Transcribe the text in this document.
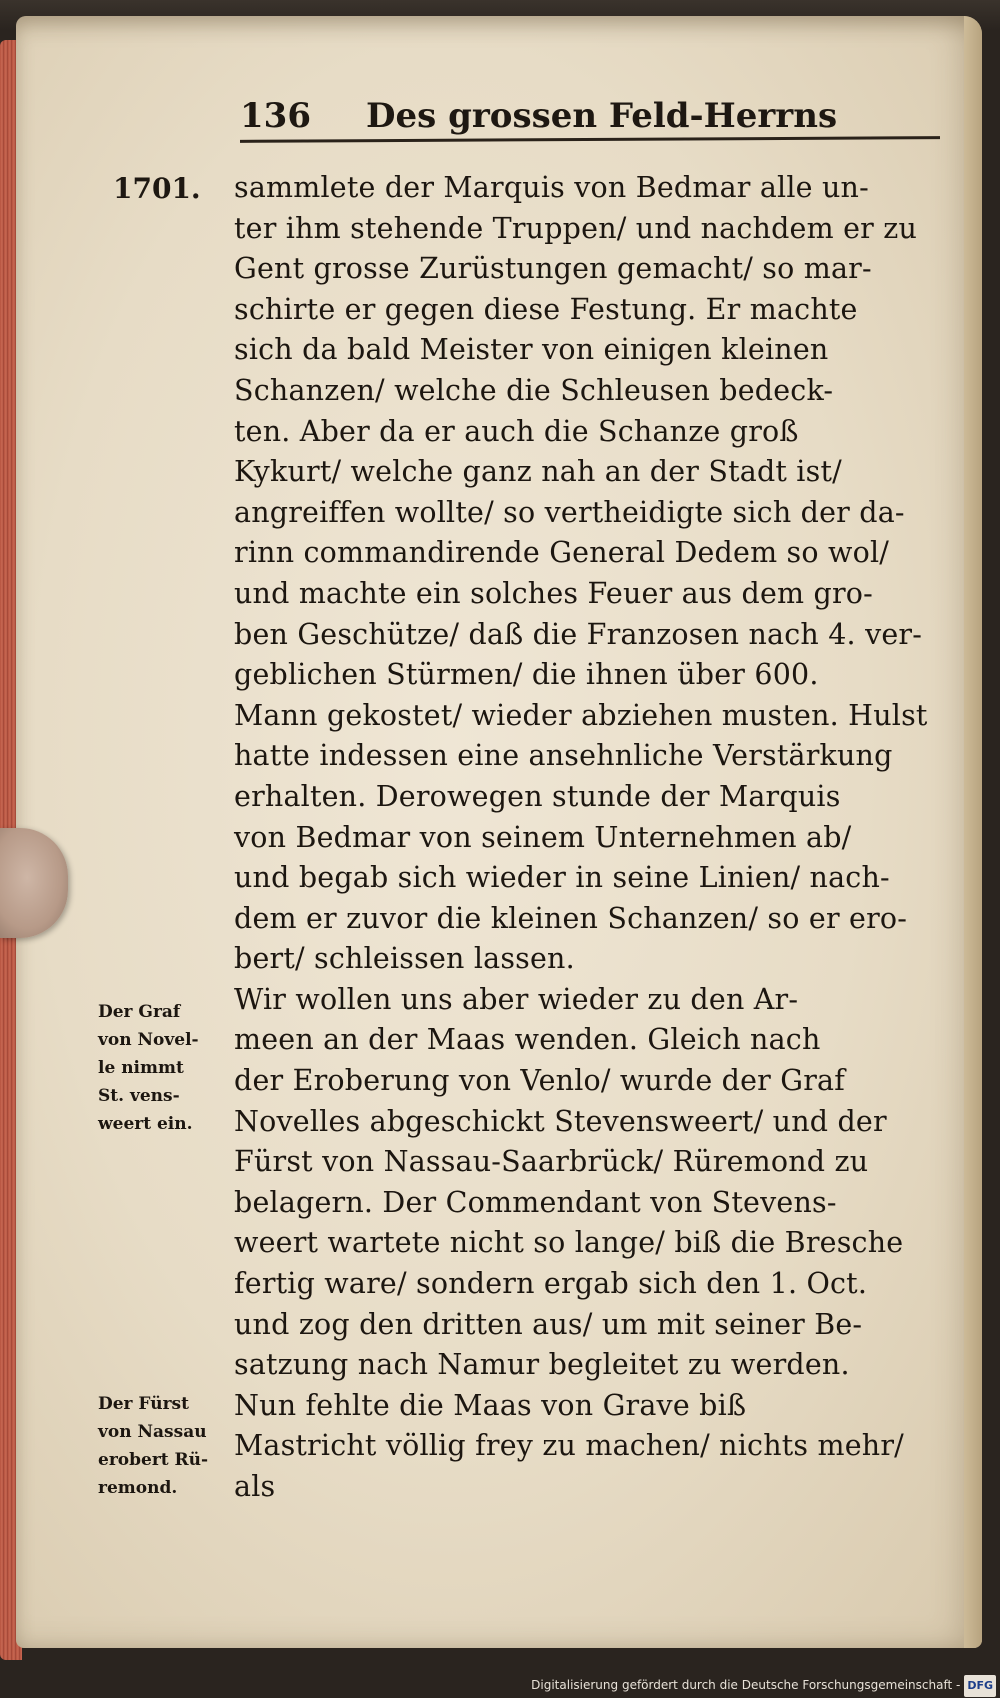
136 Des grossen Feld-Herrns
1701. sammlete der Marquis von Bedmar alle un-
ter ihm stehende Truppen/ und nachdem er zu
Gent grosse Zurüstungen gemacht/ so mar-
schirte er gegen diese Festung. Er machte
sich da bald Meister von einigen kleinen
Schanzen/ welche die Schleusen bedeck-
ten. Aber da er auch die Schanze groß
Kykurt/ welche ganz nah an der Stadt ist/
angreiffen wollte/ so vertheidigte sich der da-
rinn commandirende General Dedem so wol/
und machte ein solches Feuer aus dem gro-
ben Geschütze/ daß die Franzosen nach 4. ver-
geblichen Stürmen/ die ihnen über 600.
Mann gekostet/ wieder abziehen musten. Hulst
hatte indessen eine ansehnliche Verstärkung
erhalten. Derowegen stunde der Marquis
von Bedmar von seinem Unternehmen ab/
und begab sich wieder in seine Linien/ nach-
dem er zuvor die kleinen Schanzen/ so er ero-
bert/ schleissen lassen.
Wir wollen uns aber wieder zu den Ar-
meen an der Maas wenden. Gleich nach
der Eroberung von Venlo/ wurde der Graf
Novelles abgeschickt Stevensweert/ und der
Fürst von Nassau-Saarbrück/ Rüremond zu
belagern. Der Commendant von Stevens-
weert wartete nicht so lange/ biß die Bresche
fertig ware/ sondern ergab sich den 1. Oct.
und zog den dritten aus/ um mit seiner Be-
satzung nach Namur begleitet zu werden.
Nun fehlte die Maas von Grave biß
Mastricht völlig frey zu machen/ nichts mehr/
als
Der Graf
von Novel-
le nimmt
St. vens-
weert ein.
Der Fürst
von Nassau
erobert Rü-
remond.
Digitalisierung gefördert durch die Deutsche Forschungsgemeinschaft - DFG
